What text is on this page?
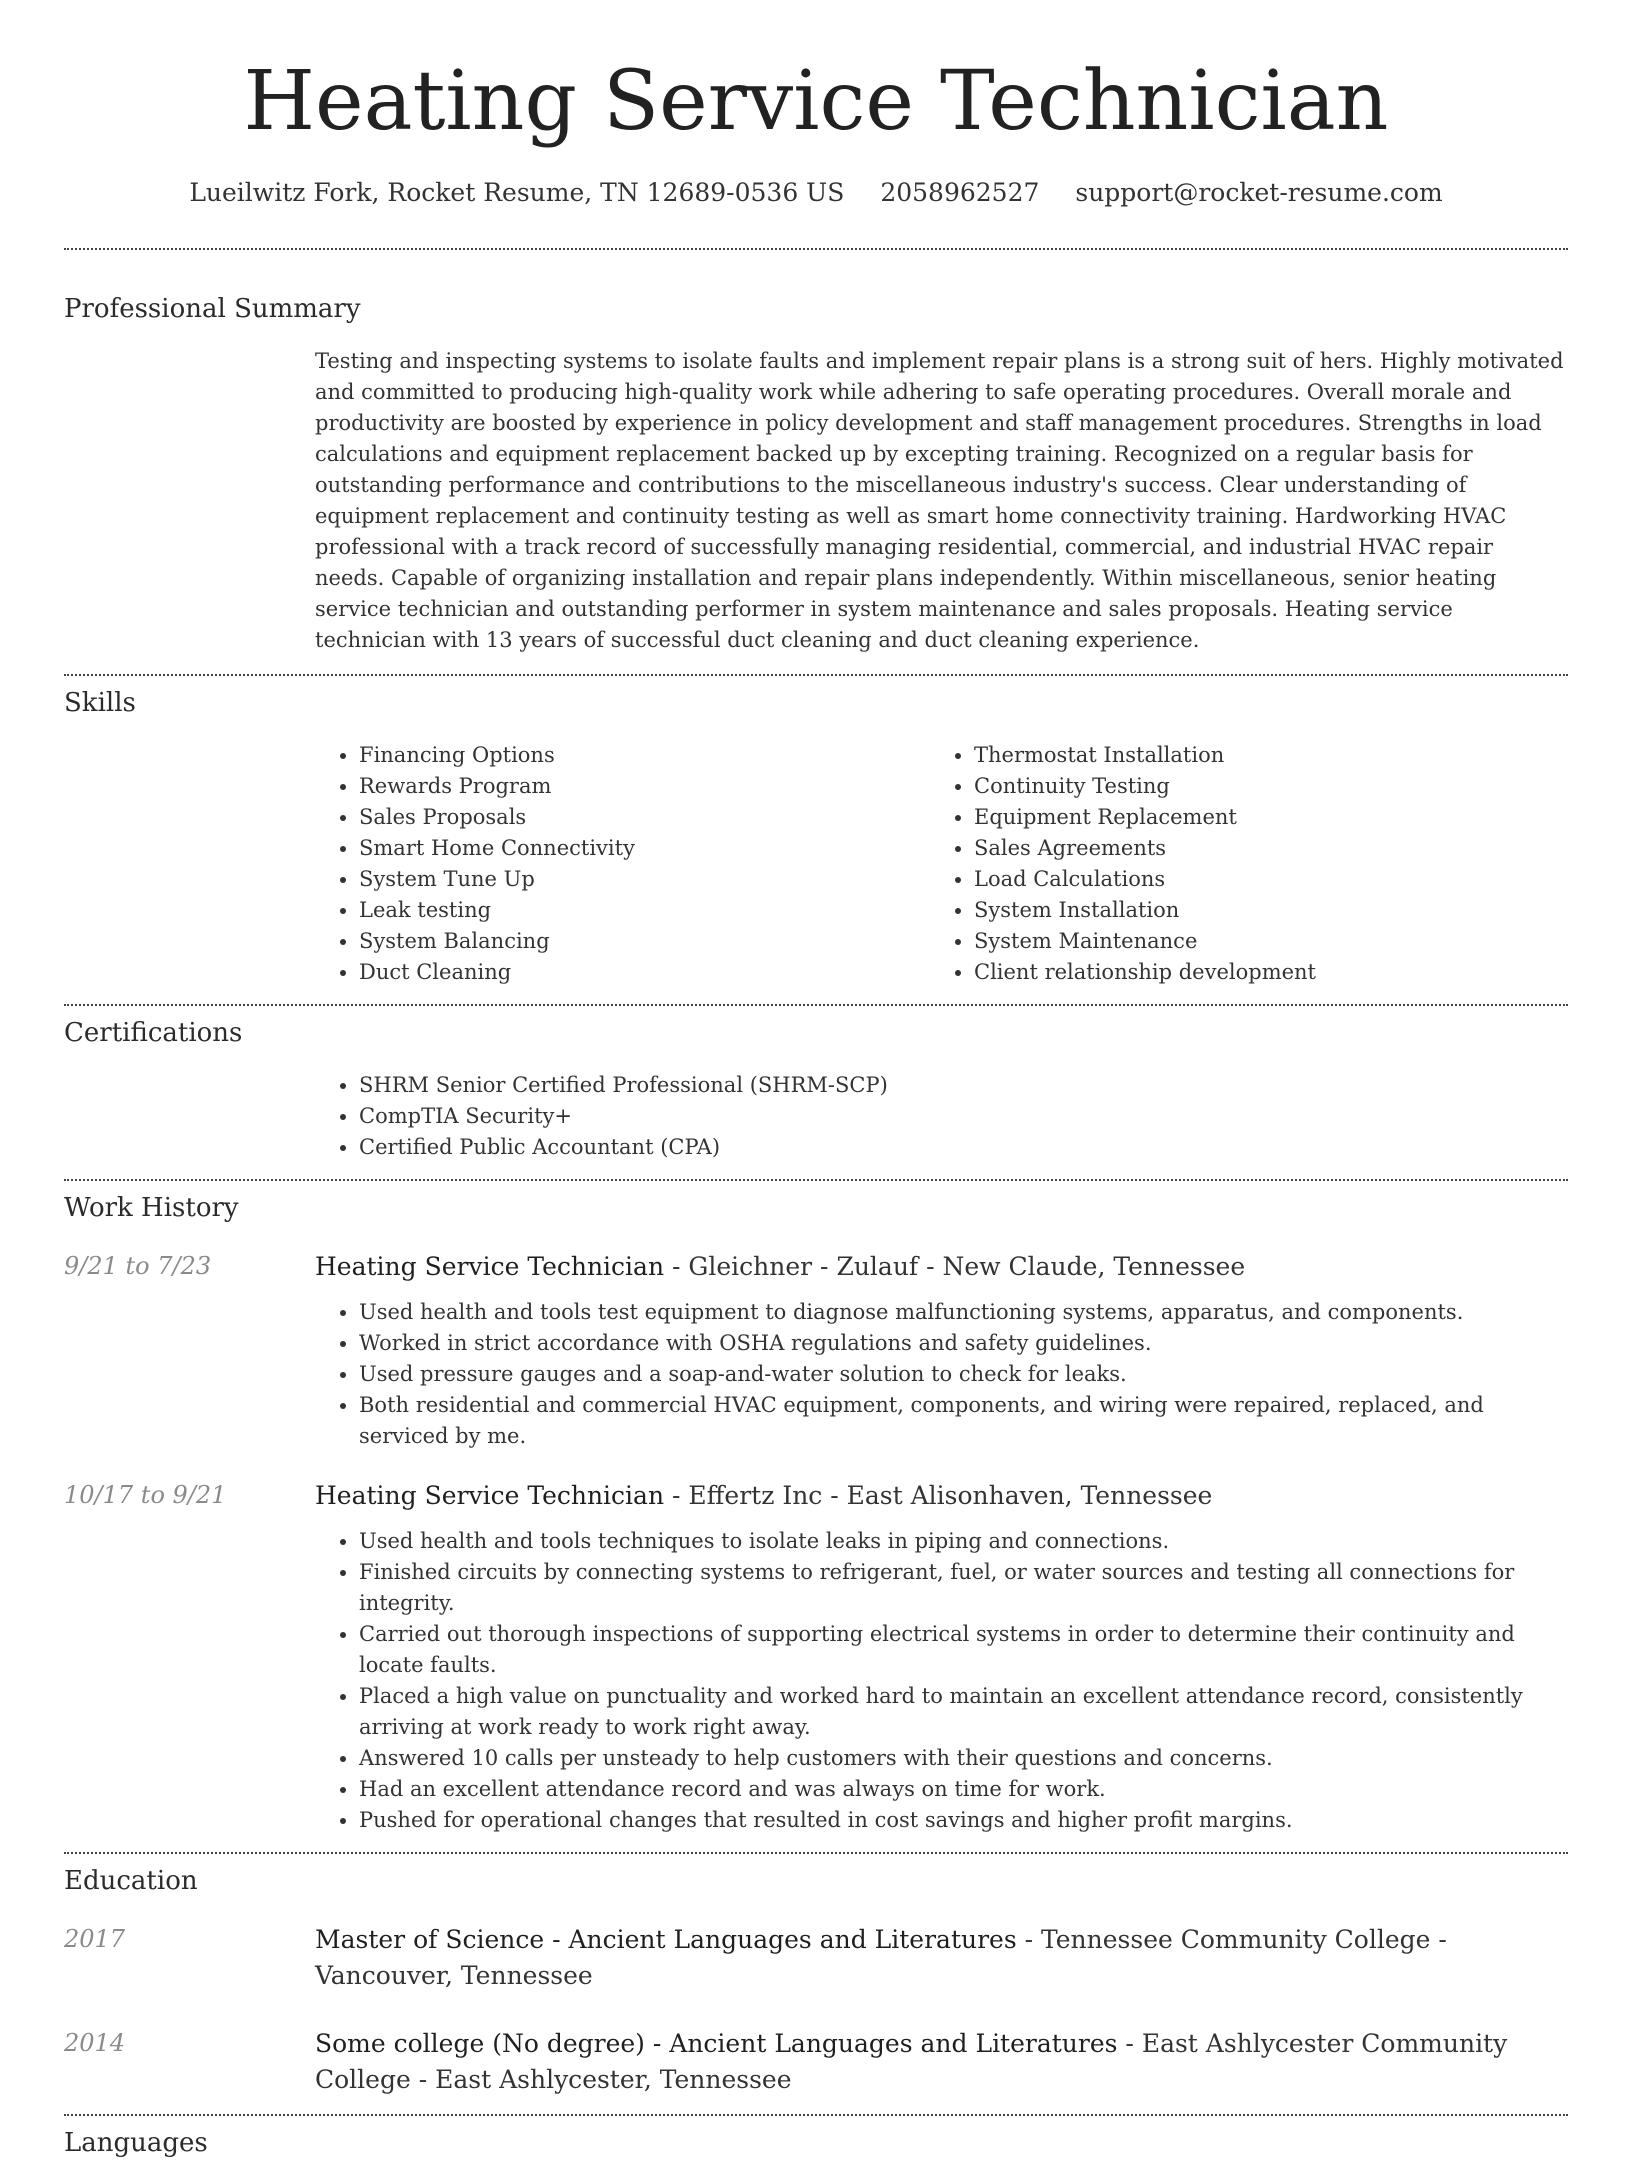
Heating Service Technician
Lueilwitz Fork, Rocket Resume, TN 12689-0536 US 2058962527 support@rocket-resume.com
Professional Summary
Testing and inspecting systems to isolate faults and implement repair plans is a strong suit of hers. Highly motivated and committed to producing high-quality work while adhering to safe operating procedures. Overall morale and productivity are boosted by experience in policy development and staff management procedures. Strengths in load calculations and equipment replacement backed up by excepting training. Recognized on a regular basis for outstanding performance and contributions to the miscellaneous industry's success. Clear understanding of equipment replacement and continuity testing as well as smart home connectivity training. Hardworking HVAC professional with a track record of successfully managing residential, commercial, and industrial HVAC repair needs. Capable of organizing installation and repair plans independently. Within miscellaneous, senior heating service technician and outstanding performer in system maintenance and sales proposals. Heating service technician with 13 years of successful duct cleaning and duct cleaning experience.
Skills
• Financing Options
• Rewards Program
• Sales Proposals
• Smart Home Connectivity
• System Tune Up
• Leak testing
• System Balancing
• Duct Cleaning
• Thermostat Installation
• Continuity Testing
• Equipment Replacement
• Sales Agreements
• Load Calculations
• System Installation
• System Maintenance
• Client relationship development
Certifications
• SHRM Senior Certified Professional (SHRM-SCP)
• CompTIA Security+
• Certified Public Accountant (CPA)
Work History
9/21 to 7/23	Heating Service Technician - Gleichner - Zulauf - New Claude, Tennessee
• Used health and tools test equipment to diagnose malfunctioning systems, apparatus, and components.
• Worked in strict accordance with OSHA regulations and safety guidelines.
• Used pressure gauges and a soap-and-water solution to check for leaks.
• Both residential and commercial HVAC equipment, components, and wiring were repaired, replaced, and serviced by me.
10/17 to 9/21	Heating Service Technician - Effertz Inc - East Alisonhaven, Tennessee
• Used health and tools techniques to isolate leaks in piping and connections.
• Finished circuits by connecting systems to refrigerant, fuel, or water sources and testing all connections for integrity.
• Carried out thorough inspections of supporting electrical systems in order to determine their continuity and locate faults.
• Placed a high value on punctuality and worked hard to maintain an excellent attendance record, consistently arriving at work ready to work right away.
• Answered 10 calls per unsteady to help customers with their questions and concerns.
• Had an excellent attendance record and was always on time for work.
• Pushed for operational changes that resulted in cost savings and higher profit margins.
Education
2017	Master of Science - Ancient Languages and Literatures - Tennessee Community College - Vancouver, Tennessee
2014	Some college (No degree) - Ancient Languages and Literatures - East Ashlycester Community College - East Ashlycester, Tennessee
Languages
